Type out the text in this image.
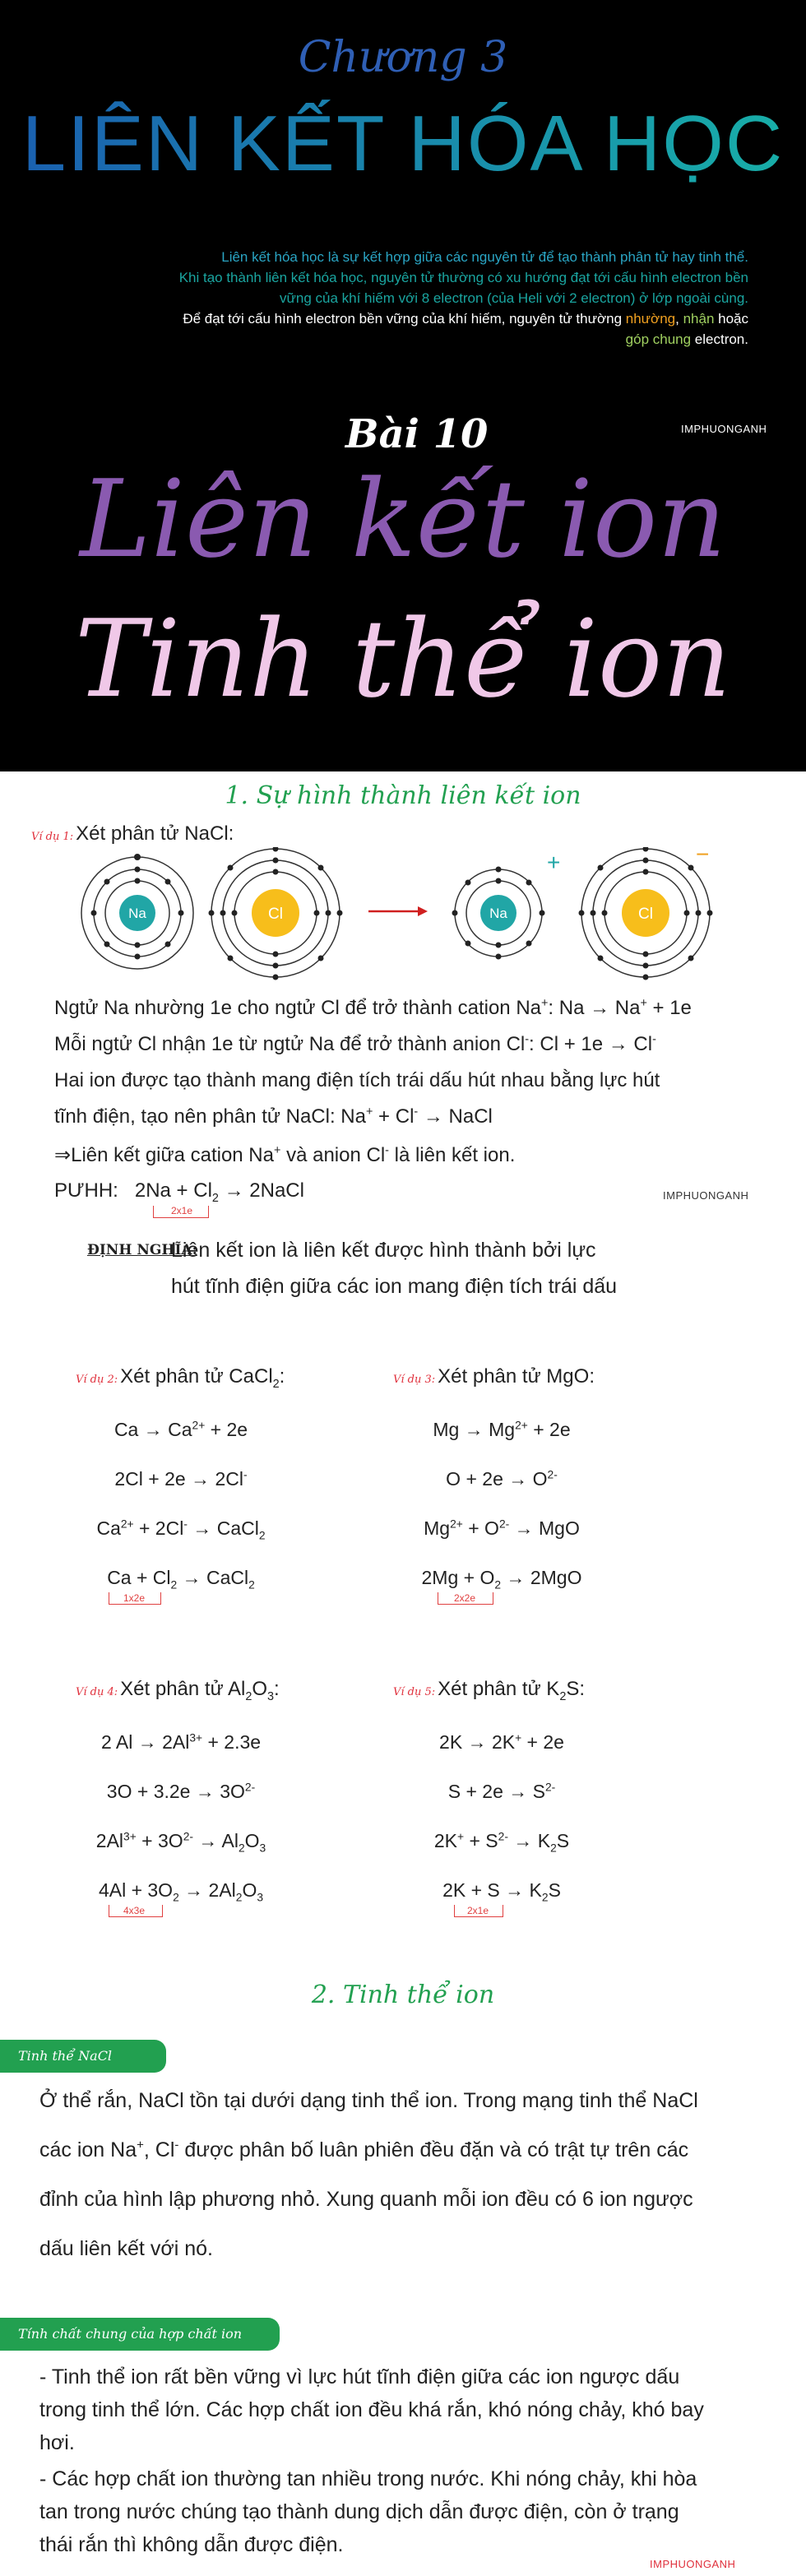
Chương 3
LIÊN KẾT HÓA HỌC
Liên kết hóa học là sự kết hợp giữa các nguyên tử để tạo thành phân tử hay tinh thể.
Khi tạo thành liên kết hóa học, nguyên tử thường có xu hướng đạt tới cấu hình electron bền
vững của khí hiếm với 8 electron (của Heli với 2 electron) ở lớp ngoài cùng.
Để đạt tới cấu hình electron bền vững của khí hiếm, nguyên tử thường nhường, nhận hoặc
góp chung electron.
IMPHUONGANH
Bài 10
Liên kết ion
Tinh thể ion
1. Sự hình thành liên kết ion
Ví dụ 1: Xét phân tử NaCl:
Na	Cl	Na
+
Cl
−
Ngtử Na nhường 1e cho ngtử Cl để trở thành cation Na+: Na → Na+ + 1e
Mỗi ngtử Cl nhận 1e từ ngtử Na để trở thành anion Cl-: Cl + 1e → Cl-
Hai ion được tạo thành mang điện tích trái dấu hút nhau bằng lực hút
tĩnh điện, tạo nên phân tử NaCl: Na+ + Cl- → NaCl
⇒Liên kết giữa cation Na+ và anion Cl- là liên kết ion.
PƯHH: $2Na + Cl_2$ → 2NaCl
2x1e
IMPHUONGANH
ĐỊNH NGHĨA:
Liên kết ion là liên kết được hình thành bởi lực
hút tĩnh điện giữa các ion mang điện tích trái dấu
Ví dụ 2: Xét phân tử CaCl$_2$:
$Ca \to Ca^{2+} + 2e$
2Cl + 2e → 2Cl-
$Ca^{2+} + 2Cl^-$ → CaCl$_2$
$Ca + Cl_2$ → CaCl$_2$
1x2e
Ví dụ 3: Xét phân tử MgO:
$Mg \to Mg^{2+} + 2e$
$O + 2e \to O^{2-}$
$Mg^{2+} + O^{2-}$ → MgO
$2Mg + O_2 \to 2MgO$
2x2e
Ví dụ 4: Xét phân tử $Al_2O_3$:
2 $Al \to 2Al^{3+} + 2.3e$
$3O + 3.2e \to 3O^{2-}$
$2Al^{3+} + 3O^{2-} \to Al_2O_3$
$4Al + 3O_2 \to 2Al_2O_3$
4x3e
Ví dụ 5: Xét phân tử $K_2S$:
2K → 2K+ + 2e
$S + 2e \to S^{2-}$
$2K^+ + S^{2-} \to K_2S$
$2K + S \to K_2S$
2x1e
2. Tinh thể ion
Tinh thể NaCl
Ở thể rắn, NaCl tồn tại dưới dạng tinh thể ion. Trong mạng tinh thể NaCl
các ion Na+, Cl- được phân bố luân phiên đều đặn và có trật tự trên các
đỉnh của hình lập phương nhỏ. Xung quanh mỗi ion đều có 6 ion ngược
dấu liên kết với nó.
Tính chất chung của hợp chất ion
- Tinh thể ion rất bền vững vì lực hút tĩnh điện giữa các ion ngược dấu
trong tinh thể lớn. Các hợp chất ion đều khá rắn, khó nóng chảy, khó bay
hơi.
- Các hợp chất ion thường tan nhiều trong nước. Khi nóng chảy, khi hòa
tan trong nước chúng tạo thành dung dịch dẫn được điện, còn ở trạng
thái rắn thì không dẫn được điện.
IMPHUONGANH
